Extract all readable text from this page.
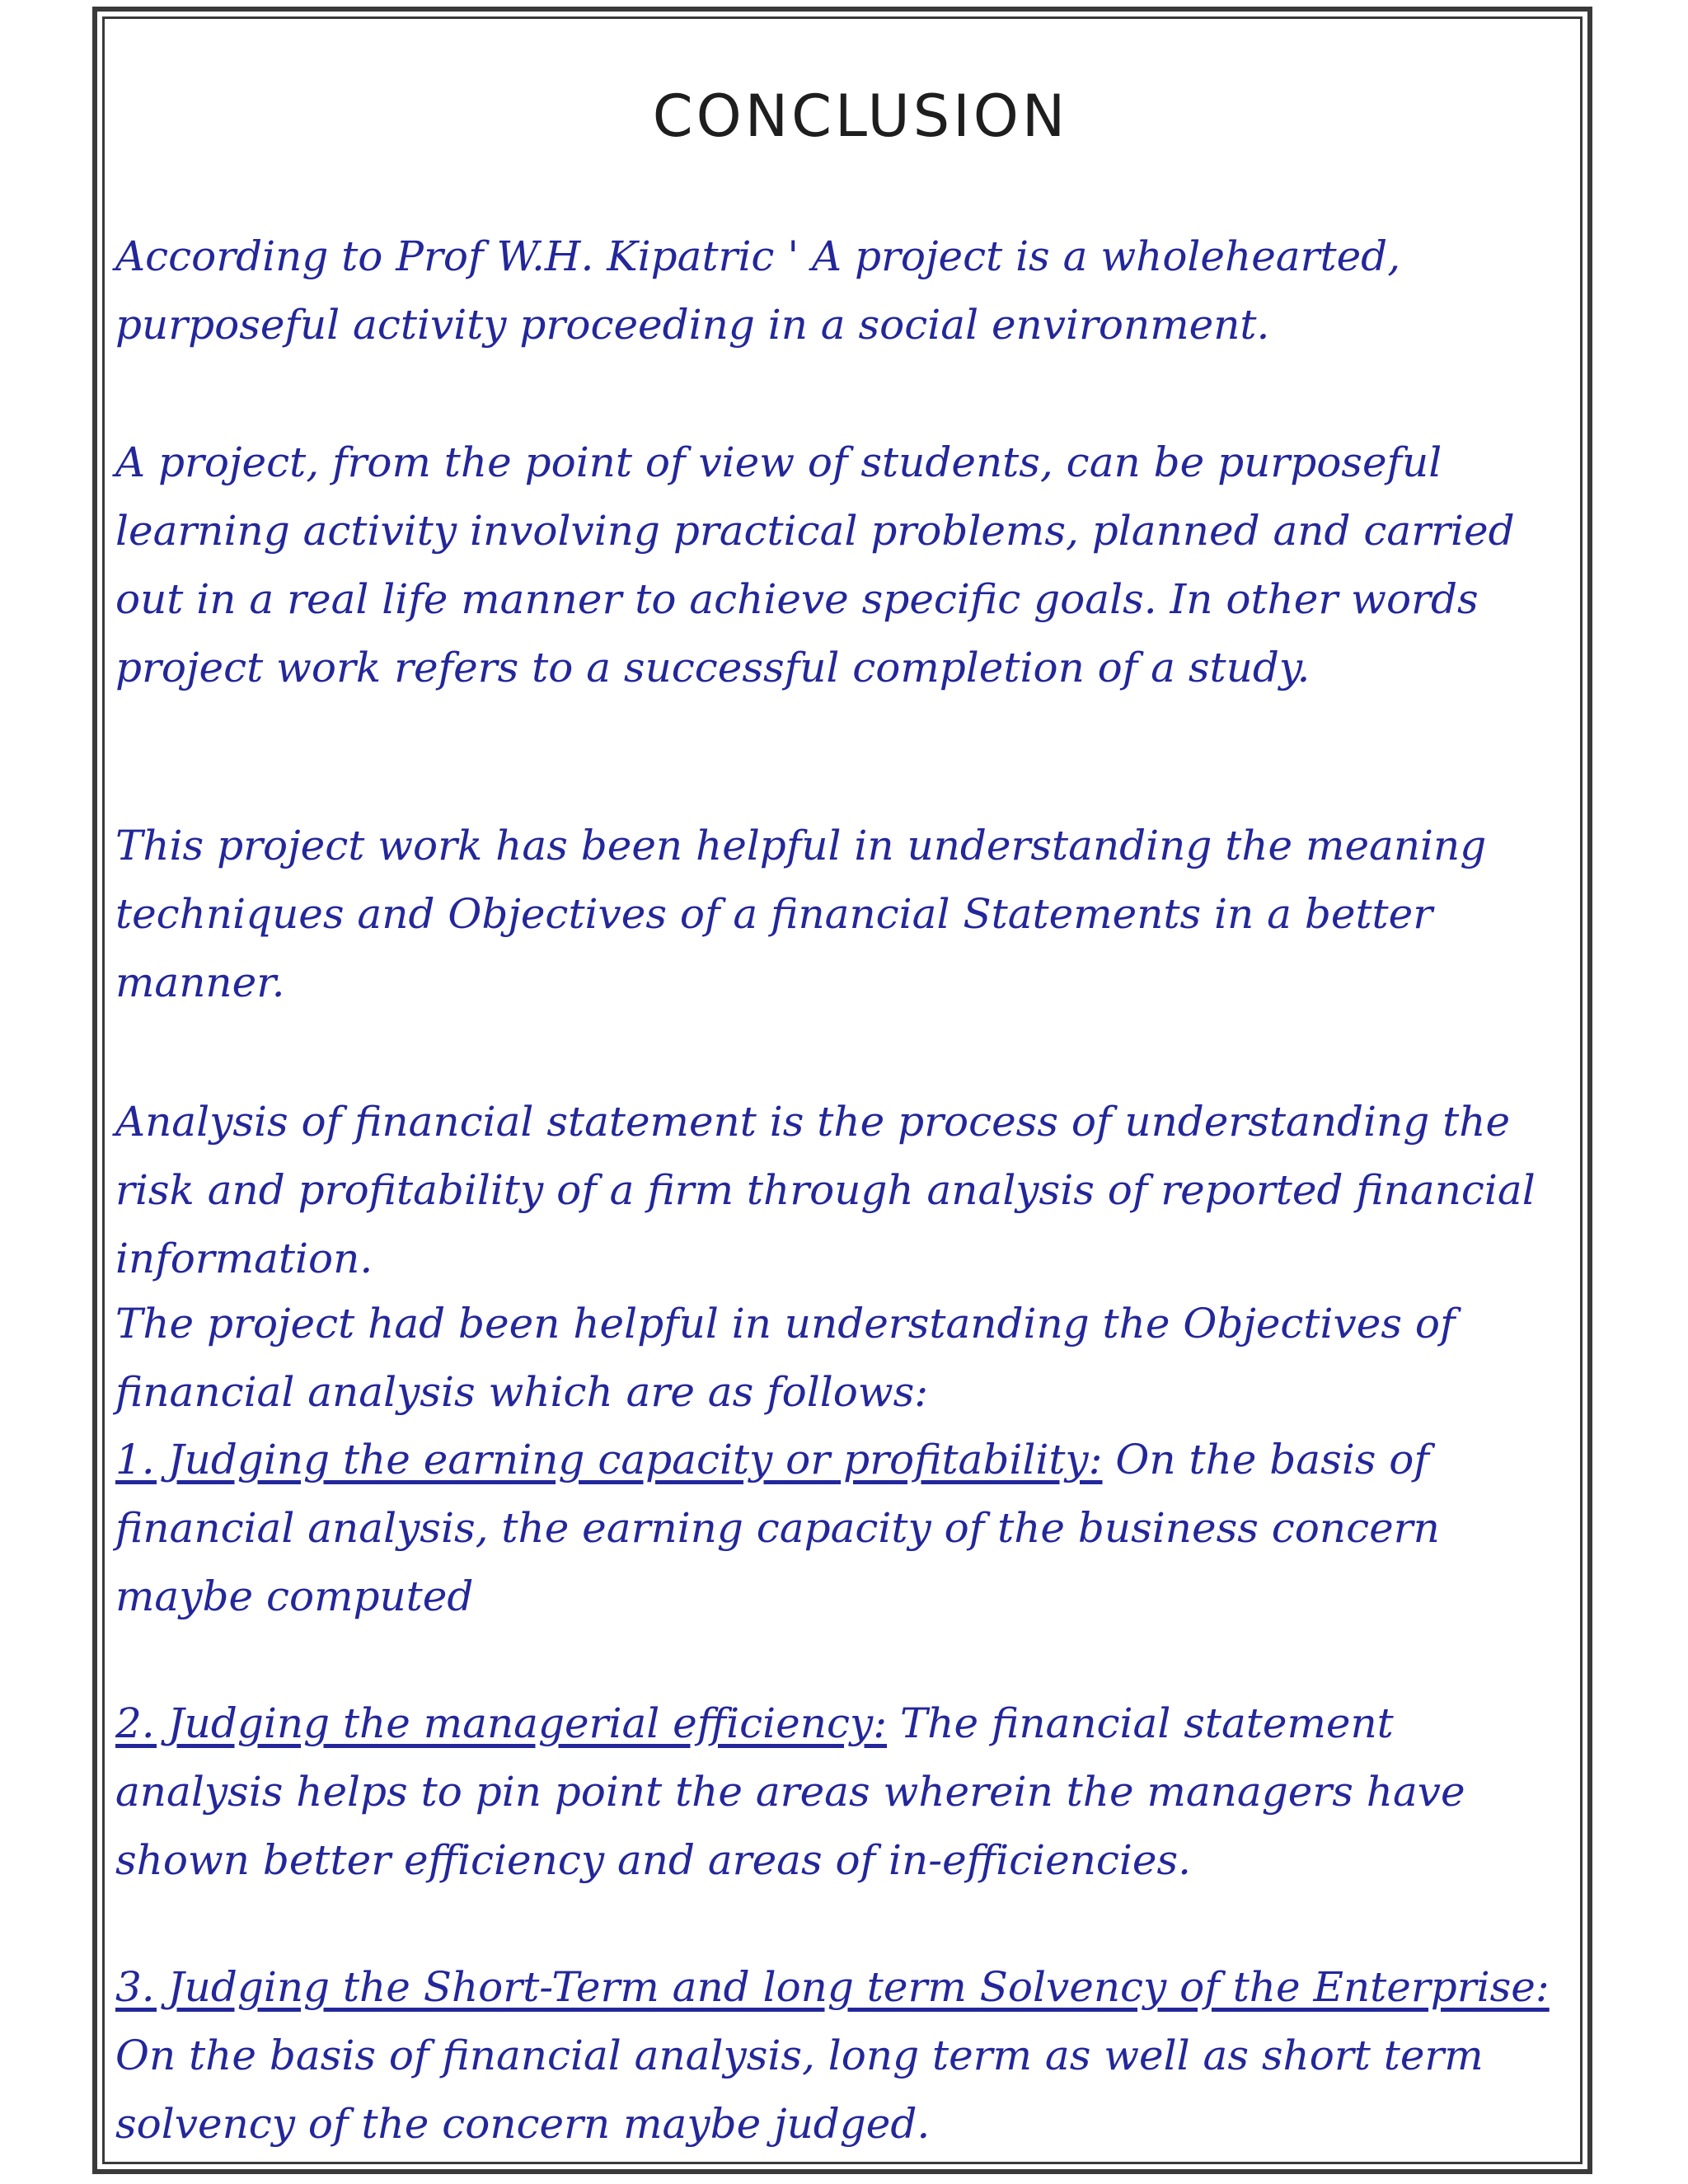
CONCLUSION

According to Prof W.H. Kipatric ' A project is a wholehearted, purposeful activity proceeding in a social environment.

A project, from the point of view of students, can be purposeful learning activity involving practical problems, planned and carried out in a real life manner to achieve specific goals. In other words project work refers to a successful completion of a study.

This project work has been helpful in understanding the meaning techniques and Objectives of a financial Statements in a better manner.

Analysis of financial statement is the process of understanding the risk and profitability of a firm through analysis of reported financial information.

The project had been helpful in understanding the Objectives of financial analysis which are as follows:

1. Judging the earning capacity or profitability: On the basis of financial analysis, the earning capacity of the business concern maybe computed

2. Judging the managerial efficiency: The financial statement analysis helps to pin point the areas wherein the managers have shown better efficiency and areas of in-efficiencies.

3. Judging the Short-Term and long term Solvency of the Enterprise: On the basis of financial analysis, long term as well as short term solvency of the concern maybe judged.
